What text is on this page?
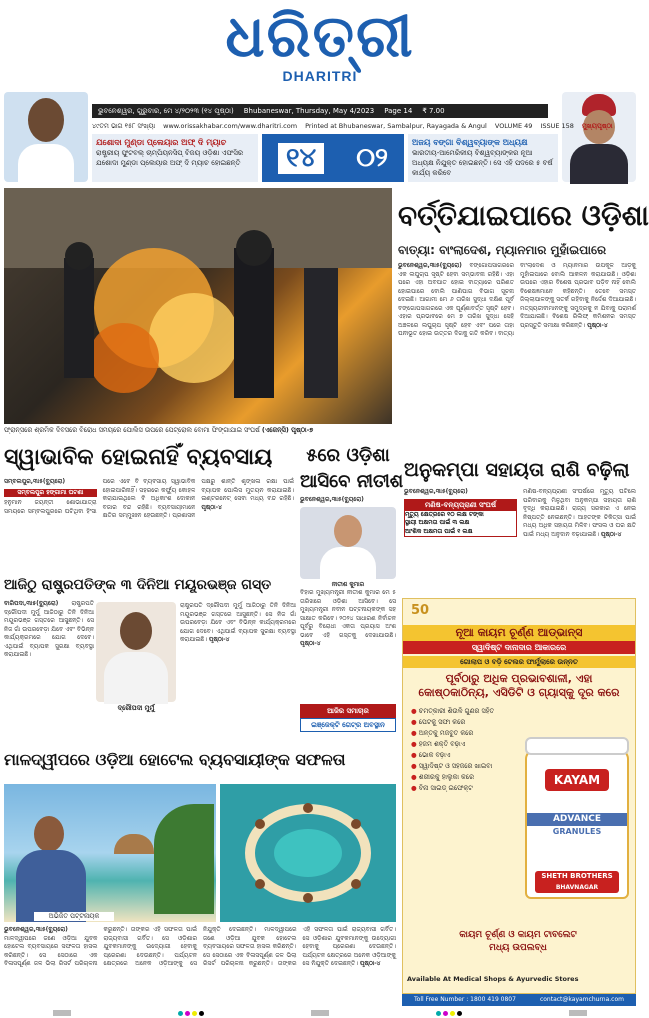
ଧରିତ୍ରୀ
DHARITRI
ଭୁବନେଶ୍ୱର, ଗୁରୁବାର, ମେ ୪/୨୦୨୩ (୧୪ ପୃଷ୍ଠା) Bhubaneswar, Thursday, May 4/2023 Page 14 ₹ 7.00
୪୯ତମ ଭାଗ ୧୫୮ ସଂଖ୍ୟା www.orissakhabar.com/www.dharitri.com Printed at Bhubaneswar, Sambalpur, Rayagada & Angul VOLUME 49 ISSUE 158 ମୁଖ୍ୟପୃଷ୍ଠା
ଯଶୋଦା ମୁଣ୍ଡା ପ୍ଲେୟାର ଅଫ୍ ଦି ମ୍ୟାଚ
ରାଷ୍ଟ୍ରୀୟ ଫୁଟବଲ୍ ଚାମ୍ପିୟନସିପ୍ ବିଜୟ ଓଡ଼ିଶା ଏଫସିର ଯଶୋଦା ମୁଣ୍ଡା ପ୍ଲେୟାର ଅଫ୍ ଦି ମ୍ୟାଚ ହୋଇଛନ୍ତି	୧୪	୦୨	ଅଜୟ ବଙ୍ଗା ବିଶ୍ୱବ୍ୟାଙ୍କ ଅଧ୍ୟକ୍ଷ
ଭାରତୀୟ-ଆମେରିକୀୟ ବିଶ୍ୱବ୍ୟାଙ୍କର ନୂଆ ଅଧ୍ୟକ୍ଷ ନିଯୁକ୍ତ ହୋଇଛନ୍ତି। ସେ ଏହି ପଦରେ ୫ ବର୍ଷ କାର୍ଯ୍ୟ କରିବେ
ଫ୍ରାନ୍ସରେ ଶ୍ରମିକ ଦିବସରେ ବିରୋଧ ସମୟରେ ପୋଲିସ ଉପରେ ପେଟ୍ରୋଲ ବୋମା ଫିଙ୍ଗାଯାଇ ସଂଘର୍ଷ (ଏଜେନ୍ସି) ପୃଷ୍ଠା-୭
ବର୍ତ୍ତିଯାଇପାରେ ଓଡ଼ିଶା
ବାତ୍ୟା: ବାଂଲାଦେଶ, ମ୍ୟାନମାର ମୁହାଁଇପାରେ
ଭୁବନେଶ୍ୱର,୩ା୫(ବ୍ୟୁରୋ) ବଙ୍ଗୋପସାଗରରେ ଏକ ଲଘୁଚାପ ସୃଷ୍ଟି ହେବା ସମ୍ଭାବନା ରହିଛି। ଏହା ପରେ ଏହା ଅବପାତ ହୋଇ ବାତ୍ୟାରେ ପରିଣତ ହୋଇପାରେ ବୋଲି ପାଣିପାଗ ବିଭାଗ ସୂଚନା ଦେଇଛି। ଆଗାମୀ ମେ ୬ ତାରିଖ ସୁଦ୍ଧା ଦକ୍ଷିଣ ପୂର୍ବ ବଙ୍ଗୋପସାଗରରେ ଏକ ଘୂର୍ଣ୍ଣାବର୍ତ୍ତ ସୃଷ୍ଟି ହେବ। ଏହାର ପ୍ରଭାବରେ ମେ ୭ ତାରିଖ ସୁଦ୍ଧା ସେହି ଅଞ୍ଚଳରେ ଲଘୁଚାପ ସୃଷ୍ଟି ହେବ ଏବଂ ପରେ ତାହା ଘନୀଭୂତ ହୋଇ ଉତ୍ତର ଦିଗକୁ ଗତି କରିବ। ବାତ୍ୟା ବାଂଲାଦେଶ ଓ ମ୍ୟାନମାର ଉପକୂଳ ଆଡ଼କୁ ମୁହାଁଇପାରେ ବୋଲି ଆକଳନ କରାଯାଉଛି। ଓଡ଼ିଶା ଉପରେ ଏହାର ବିଶେଷ ପ୍ରଭାବ ପଡ଼ିବ ନାହିଁ ବୋଲି ବିଶେଷଜ୍ଞମାନେ କହିଛନ୍ତି। ତେବେ ସମସ୍ତ ଜିଲ୍ଲାପାଳଙ୍କୁ ସତର୍କ ରହିବାକୁ ନିର୍ଦ୍ଦେଶ ଦିଆଯାଇଛି। ମତ୍ସ୍ୟଜୀବୀମାନଙ୍କୁ ସମୁଦ୍ରକୁ ନ ଯିବାକୁ ପରାମର୍ଶ ଦିଆଯାଇଛି। ବିଶେଷ ରିଲିଫ୍ କମିଶନର ସମସ୍ତ ପ୍ରସ୍ତୁତି ସମୀକ୍ଷା କରିଛନ୍ତି। ପୃଷ୍ଠା-୪
ସ୍ୱାଭାବିକ ହୋଇନାହିଁ ବ୍ୟବସାୟ
ସମ୍ବଲପୁର,୩ା୫(ବ୍ୟୁରୋ)
ସମ୍ବଲପୁର ହଙ୍ଗାମା ଘଟଣା
ହନୁମାନ ଜୟନ୍ତୀ ଶୋଭାଯାତ୍ରା ସମୟରେ ସମ୍ବଲପୁରରେ ଘଟିଥିବା ହିଂସା ପରେ ଏବେ ବି ବ୍ୟବସାୟ ସ୍ୱାଭାବିକ ହୋଇପାରିନାହିଁ। ସହରରେ କର୍ଫ୍ୟୁ କୋହଳ କରାଯାଇଥିଲେ ବି ଅଧିକାଂଶ ଦୋକାନ ବଜାର ବନ୍ଦ ରହିଛି। ବ୍ୟବସାୟୀମାନେ କ୍ଷତିର ସମ୍ମୁଖୀନ ହେଉଛନ୍ତି। ପ୍ରଶାସନ ପକ୍ଷରୁ ଶାନ୍ତି ଶୃଙ୍ଖଳା ରକ୍ଷା ପାଇଁ ବ୍ୟାପକ ପୋଲିସ ମୁତୟନ କରାଯାଇଛି। ଇଣ୍ଟରନେଟ୍ ସେବା ମଧ୍ୟ ବନ୍ଦ ରହିଛି। ପୃଷ୍ଠା-୪
୫ରେ ଓଡ଼ିଶା
ଆସିବେ ନୀତୀଶ
ଭୁବନେଶ୍ୱର,୩ା୫(ବ୍ୟୁରୋ)
ନୀତୀଶ କୁମାର
ବିହାର ମୁଖ୍ୟମନ୍ତ୍ରୀ ନୀତୀଶ କୁମାର ମେ ୫ ତାରିଖରେ ଓଡ଼ିଶା ଆସିବେ। ସେ ମୁଖ୍ୟମନ୍ତ୍ରୀ ନବୀନ ପଟ୍ଟନାୟକଙ୍କ ସହ ସାକ୍ଷାତ କରିବେ। ୨୦୨୪ ସାଧାରଣ ନିର୍ବାଚନ ପୂର୍ବରୁ ବିରୋଧୀ ଏକତା ପ୍ରୟାସ ଅଂଶ ଭାବେ ଏହି ଗସ୍ତକୁ ଦେଖାଯାଉଛି। ପୃଷ୍ଠା-୪
ଅନୁକମ୍ପା ସହାୟତା ରାଶି ବଢ଼ିଲା
ଭୁବନେଶ୍ୱର,୩ା୫(ବ୍ୟୁରୋ)
ମଣିଷ-ବନ୍ୟପ୍ରାଣୀ ସଂଘର୍ଷ
ମୃତ୍ୟୁ କ୍ଷେତ୍ରରେ ୧୦ ଲକ୍ଷ ଟଙ୍କା
ସ୍ଥାୟୀ ଅକ୍ଷମତା ପାଇଁ ୩ ଲକ୍ଷ
ଆଂଶିକ ଅକ୍ଷମତା ପାଇଁ ୧ ଲକ୍ଷ
ମଣିଷ-ବନ୍ୟପ୍ରାଣୀ ସଂଘର୍ଷରେ ମୃତ୍ୟୁ ଘଟିଲେ ପରିବାରକୁ ମିଳୁଥିବା ଅନୁକମ୍ପା ସହାୟତା ରାଶି ବୃଦ୍ଧି କରାଯାଇଛି। ରାଜ୍ୟ ସରକାର ଏ ନେଇ ନିଷ୍ପତ୍ତି ନେଇଛନ୍ତି। ଆହତଙ୍କ ଚିକିତ୍ସା ପାଇଁ ମଧ୍ୟ ଅଧିକ ସହାୟତା ମିଳିବ। ଫସଲ ଓ ଘର କ୍ଷତି ପାଇଁ ମଧ୍ୟ ଅନୁଦାନ ବଢ଼ାଯାଇଛି। ପୃଷ୍ଠା-୪
ଆଜିଠୁ ରାଷ୍ଟ୍ରପତିଙ୍କ ୩ ଦିନିଆ ମୟୂରଭଞ୍ଜ ଗସ୍ତ
ବାରିପଦା,୩ା୫(ବ୍ୟୁରୋ) ରାଷ୍ଟ୍ରପତି ଦ୍ରୌପଦୀ ମୁର୍ମୁ ଆଜିଠାରୁ ତିନି ଦିନିଆ ମୟୂରଭଞ୍ଜ ଗସ୍ତରେ ଆସୁଛନ୍ତି। ସେ ନିଜ ଗାଁ ଉପରବେଡ଼ା ଯିବେ ଏବଂ ବିଭିନ୍ନ କାର୍ଯ୍ୟକ୍ରମରେ ଯୋଗ ଦେବେ। ଏଥିପାଇଁ ବ୍ୟାପକ ସୁରକ୍ଷା ବ୍ୟବସ୍ଥା କରାଯାଇଛି।
ଦ୍ରୌପଦୀ ମୁର୍ମୁ
ରାଷ୍ଟ୍ରପତି ଦ୍ରୌପଦୀ ମୁର୍ମୁ ଆଜିଠାରୁ ତିନି ଦିନିଆ ମୟୂରଭଞ୍ଜ ଗସ୍ତରେ ଆସୁଛନ୍ତି। ସେ ନିଜ ଗାଁ ଉପରବେଡ଼ା ଯିବେ ଏବଂ ବିଭିନ୍ନ କାର୍ଯ୍ୟକ୍ରମରେ ଯୋଗ ଦେବେ। ଏଥିପାଇଁ ବ୍ୟାପକ ସୁରକ୍ଷା ବ୍ୟବସ୍ଥା କରାଯାଇଛି। ପୃଷ୍ଠା-୪
ଆଜିର ସମାଚାର
ଇଞ୍ଜେକ୍ଟି ଗେଟ୍‌ର ଅବସ୍ଥାନ
ମାଳଦ୍ୱୀପରେ ଓଡ଼ିଆ ହୋଟେଲ ବ୍ୟବସାୟୀଙ୍କ ସଫଳତା
ଅଭିଜିତ ପଟ୍ଟନାୟକ
ଭୁବନେଶ୍ୱର,୩ା୫(ବ୍ୟୁରୋ) ମାଳଦ୍ୱୀପରେ ଜଣେ ଓଡ଼ିଆ ଯୁବକ ହୋଟେଲ ବ୍ୟବସାୟରେ ସଫଳତା ହାସଲ କରିଛନ୍ତି। ସେ ସେଠାରେ ଏକ ବିଳାସପୂର୍ଣ୍ଣ ଜଳ ଭିଲା ରିସର୍ଟ ପରିଚାଳନା କରୁଛନ୍ତି। ତାଙ୍କର ଏହି ସଫଳତା ପାଇଁ ରାଜ୍ୟବାସୀ ଗର୍ବିତ। ସେ ଓଡ଼ିଶାର ଯୁବକମାନଙ୍କୁ ଉଦ୍ୟୋଗୀ ହେବାକୁ ପ୍ରେରଣା ଦେଉଛନ୍ତି। ପର୍ଯ୍ୟଟନ କ୍ଷେତ୍ରରେ ଅନେକ ଓଡ଼ିଆଙ୍କୁ ସେ ନିଯୁକ୍ତି ଦେଇଛନ୍ତି। ମାଳଦ୍ୱୀପରେ ଜଣେ ଓଡ଼ିଆ ଯୁବକ ହୋଟେଲ ବ୍ୟବସାୟରେ ସଫଳତା ହାସଲ କରିଛନ୍ତି। ସେ ସେଠାରେ ଏକ ବିଳାସପୂର୍ଣ୍ଣ ଜଳ ଭିଲା ରିସର୍ଟ ପରିଚାଳନା କରୁଛନ୍ତି। ତାଙ୍କର ଏହି ସଫଳତା ପାଇଁ ରାଜ୍ୟବାସୀ ଗର୍ବିତ। ସେ ଓଡ଼ିଶାର ଯୁବକମାନଙ୍କୁ ଉଦ୍ୟୋଗୀ ହେବାକୁ ପ୍ରେରଣା ଦେଉଛନ୍ତି। ପର୍ଯ୍ୟଟନ କ୍ଷେତ୍ରରେ ଅନେକ ଓଡ଼ିଆଙ୍କୁ ସେ ନିଯୁକ୍ତି ଦେଇଛନ୍ତି। ପୃଷ୍ଠା-୪
50
ନୂଆ କାୟମ ଚୂର୍ଣ୍ଣ ଆଡ୍‌ଭାନ୍ସ
ସ୍ୱାଦିଷ୍ଟ ଦାନାଦାର ଆକାରରେ
ଗୋଲାପ ଓ ବଡ଼ି ଟେଲର ଫାର୍ମୁଲାରେ ଉନ୍ନତ
ପୂର୍ବଠାରୁ ଅଧିକ ପ୍ରଭାବଶାଳୀ, ଏହା କୋଷ୍ଠକାଠିନ୍ୟ, ଏସିଡିଟି ଓ ଗ୍ୟାସ୍‌କୁ ଦୂର କରେ
● ଚମତ୍କାରୀ ଶିଉଳି ଗୁଣର ସହିତ
● ପେଟକୁ ସଫା କରେ
● ଅନ୍ତକୁ ମଜବୁତ କରେ
● ହଜମ ଶକ୍ତି ବଢ଼ାଏ
● ଭୋକ ବଢ଼ାଏ
● ସ୍ୱାଦିଷ୍ଟ ଓ ସହଜରେ ଖାଇବା
● ଶରୀରକୁ ହାଲୁକା କରେ
● ବିନା ସାଇଡ୍ ଇଫେକ୍ଟ
KAYAM
ADVANCE
GRANULES
SHETH BROTHERS
BHAVNAGAR
କାୟମ ଚୂର୍ଣ୍ଣ ଓ କାୟମ ଟାବଲେଟ ମଧ୍ୟ ଉପଲବ୍ଧ
Available At Medical Shops & Ayurvedic Stores
Toll Free Number : 1800 419 0807	contact@kayamchurna.com
